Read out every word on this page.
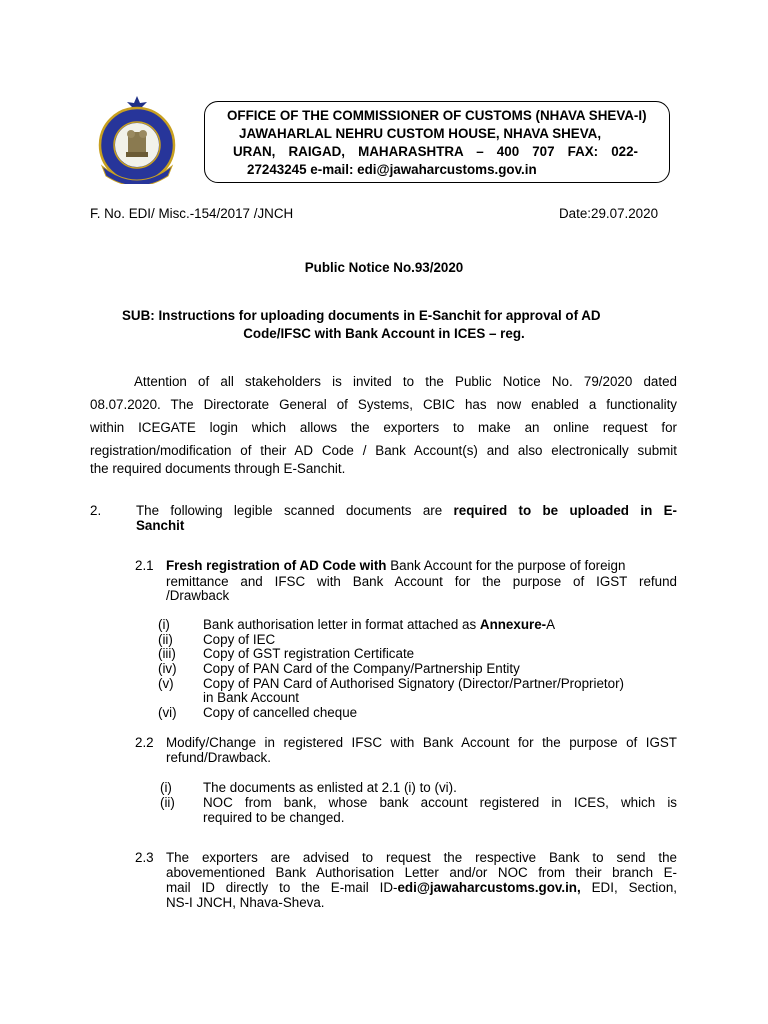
OFFICE OF THE COMMISSIONER OF CUSTOMS (NHAVA SHEVA-I)
JAWAHARLAL NEHRU CUSTOM HOUSE, NHAVA SHEVA,
URAN, RAIGAD, MAHARASHTRA – 400 707 FAX: 022-
27243245 e-mail: edi@jawaharcustoms.gov.in
F. No. EDI/ Misc.-154/2017 /JNCH	Date:29.07.2020
Public Notice No.93/2020
SUB: Instructions for uploading documents in E-Sanchit for approval of AD
Code/IFSC with Bank Account in ICES – reg.
Attention of all stakeholders is invited to the Public Notice No. 79/2020 dated
08.07.2020. The Directorate General of Systems, CBIC has now enabled a functionality
within ICEGATE login which allows the exporters to make an online request for
registration/modification of their AD Code / Bank Account(s) and also electronically submit
the required documents through E-Sanchit.
2.	The following legible scanned documents are required to be uploaded in E-
Sanchit
2.1 Fresh registration of AD Code with Bank Account for the purpose of foreign
remittance and IFSC with Bank Account for the purpose of IGST refund
/Drawback
(i) Bank authorisation letter in format attached as Annexure-A
(ii) Copy of IEC
(iii) Copy of GST registration Certificate
(iv) Copy of PAN Card of the Company/Partnership Entity
(v) Copy of PAN Card of Authorised Signatory (Director/Partner/Proprietor)
in Bank Account
(vi) Copy of cancelled cheque
2.2 Modify/Change in registered IFSC with Bank Account for the purpose of IGST
refund/Drawback.
(i) The documents as enlisted at 2.1 (i) to (vi).
(ii) NOC from bank, whose bank account registered in ICES, which is
required to be changed.
2.3 The exporters are advised to request the respective Bank to send the
abovementioned Bank Authorisation Letter and/or NOC from their branch E-
mail ID directly to the E-mail ID-edi@jawaharcustoms.gov.in, EDI, Section,
NS-I JNCH, Nhava-Sheva.
